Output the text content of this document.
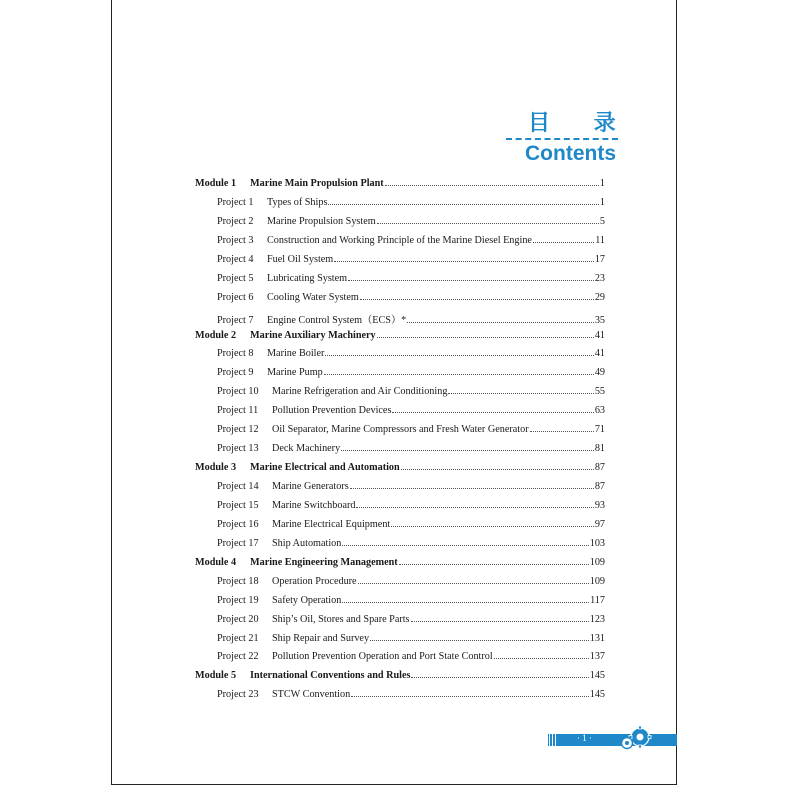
目 录
Contents
Module 1	Marine Main Propulsion Plant	1
Project 1	Types of Ships	1
Project 2	Marine Propulsion System	5
Project 3	Construction and Working Principle of the Marine Diesel Engine	11
Project 4	Fuel Oil System	17
Project 5	Lubricating System	23
Project 6	Cooling Water System	29
Project 7	Engine Control System（ECS）*	35
Module 2	Marine Auxiliary Machinery	41
Project 8	Marine Boiler	41
Project 9	Marine Pump	49
Project 10	Marine Refrigeration and Air Conditioning	55
Project 11	Pollution Prevention Devices	63
Project 12	Oil Separator, Marine Compressors and Fresh Water Generator	71
Project 13	Deck Machinery	81
Module 3	Marine Electrical and Automation	87
Project 14	Marine Generators	87
Project 15	Marine Switchboard	93
Project 16	Marine Electrical Equipment	97
Project 17	Ship Automation	103
Module 4	Marine Engineering Management	109
Project 18	Operation Procedure	109
Project 19	Safety Operation	117
Project 20	Ship’s Oil, Stores and Spare Parts	123
Project 21	Ship Repair and Survey	131
Project 22	Pollution Prevention Operation and Port State Control	137
Module 5	International Conventions and Rules	145
Project 23	STCW Convention	145
· 1 ·
